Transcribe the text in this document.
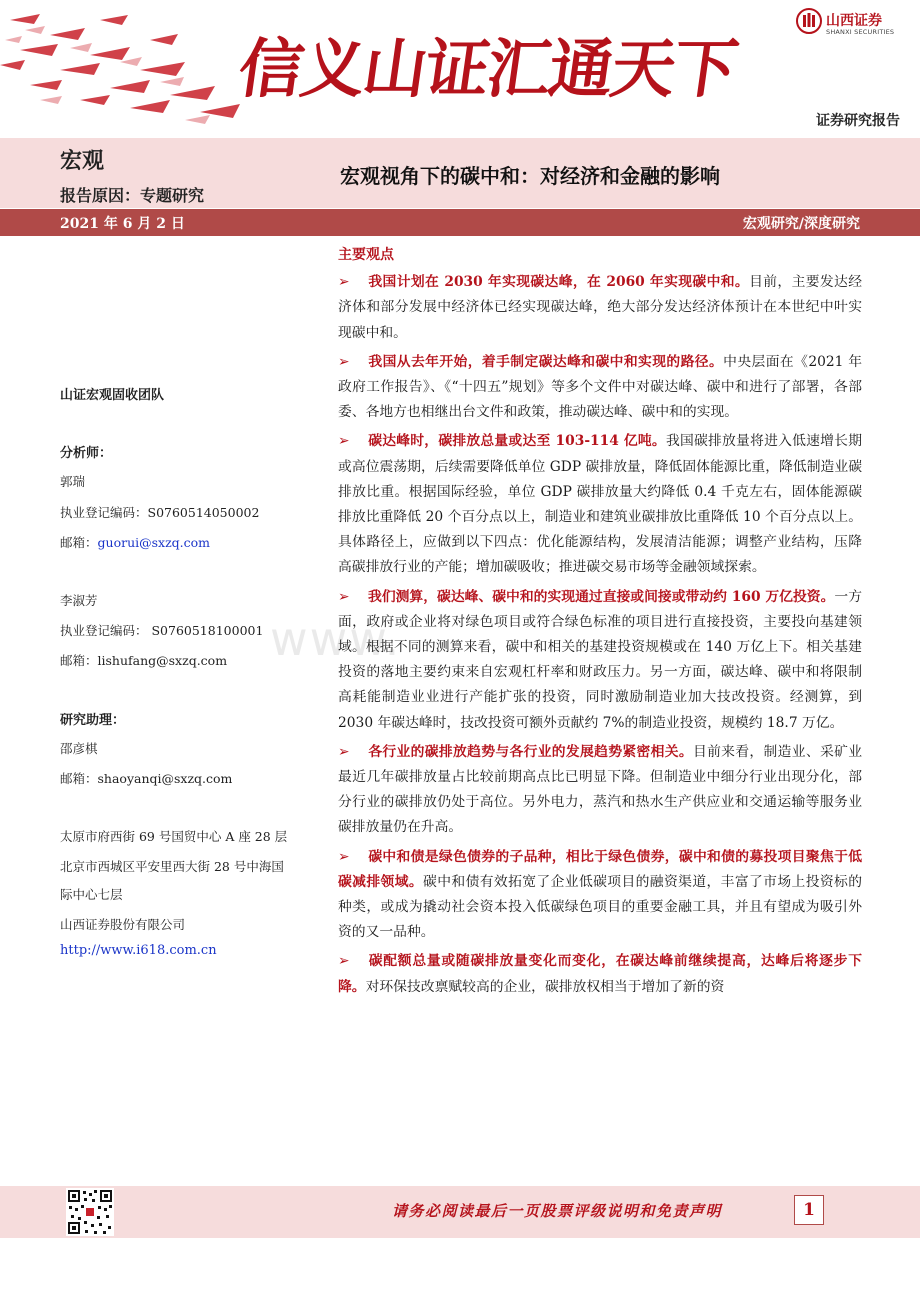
信义山证汇通天下
山西证券
SHANXI SECURITIES
证券研究报告
宏观
报告原因：专题研究
宏观视角下的碳中和：对经济和金融的影响
2021 年 6 月 2 日	宏观研究/深度研究
山证宏观固收团队
分析师：
郭瑞
执业登记编码：S0760514050002
邮箱：guorui@sxzq.com
李淑芳
执业登记编码： S0760518100001
邮箱：lishufang@sxzq.com
研究助理：
邵彦棋
邮箱：shaoyanqi@sxzq.com
太原市府西街 69 号国贸中心 A 座 28 层
北京市西城区平安里西大街 28 号中海国
际中心七层
山西证券股份有限公司
http://www.i618.com.cn
www.
主要观点

➢ 我国计划在 2030 年实现碳达峰，在 2060 年实现碳中和。目前，主要发达经济体和部分发展中经济体已经实现碳达峰，绝大部分发达经济体预计在本世纪中叶实现碳中和。

➢ 我国从去年开始，着手制定碳达峰和碳中和实现的路径。中央层面在《2021 年政府工作报告》、《“十四五”规划》等多个文件中对碳达峰、碳中和进行了部署，各部委、各地方也相继出台文件和政策，推动碳达峰、碳中和的实现。

➢ 碳达峰时，碳排放总量或达至 103-114 亿吨。我国碳排放量将进入低速增长期或高位震荡期，后续需要降低单位 GDP 碳排放量，降低固体能源比重，降低制造业碳排放比重。根据国际经验，单位 GDP 碳排放量大约降低 0.4 千克左右，固体能源碳排放比重降低 20 个百分点以上，制造业和建筑业碳排放比重降低 10 个百分点以上。具体路径上，应做到以下四点：优化能源结构，发展清洁能源；调整产业结构，压降高碳排放行业的产能；增加碳吸收；推进碳交易市场等金融领域探索。

➢ 我们测算，碳达峰、碳中和的实现通过直接或间接或带动约 160 万亿投资。一方面，政府或企业将对绿色项目或符合绿色标准的项目进行直接投资，主要投向基建领域。根据不同的测算来看，碳中和相关的基建投资规模或在 140 万亿上下。相关基建投资的落地主要约束来自宏观杠杆率和财政压力。另一方面，碳达峰、碳中和将限制高耗能制造业业进行产能扩张的投资，同时激励制造业加大技改投资。经测算，到 2030 年碳达峰时，技改投资可额外贡献约 7%的制造业投资，规模约 18.7 万亿。

➢ 各行业的碳排放趋势与各行业的发展趋势紧密相关。目前来看，制造业、采矿业最近几年碳排放量占比较前期高点比已明显下降。但制造业中细分行业出现分化，部分行业的碳排放仍处于高位。另外电力，蒸汽和热水生产供应业和交通运输等服务业碳排放量仍在升高。

➢ 碳中和债是绿色债券的子品种，相比于绿色债券，碳中和债的募投项目聚焦于低碳减排领域。碳中和债有效拓宽了企业低碳项目的融资渠道，丰富了市场上投资标的种类，或成为撬动社会资本投入低碳绿色项目的重要金融工具，并且有望成为吸引外资的又一品种。

➢ 碳配额总量或随碳排放量变化而变化，在碳达峰前继续提高，达峰后将逐步下降。对环保技改禀赋较高的企业，碳排放权相当于增加了新的资

请务必阅读最后一页股票评级说明和免责声明	1
